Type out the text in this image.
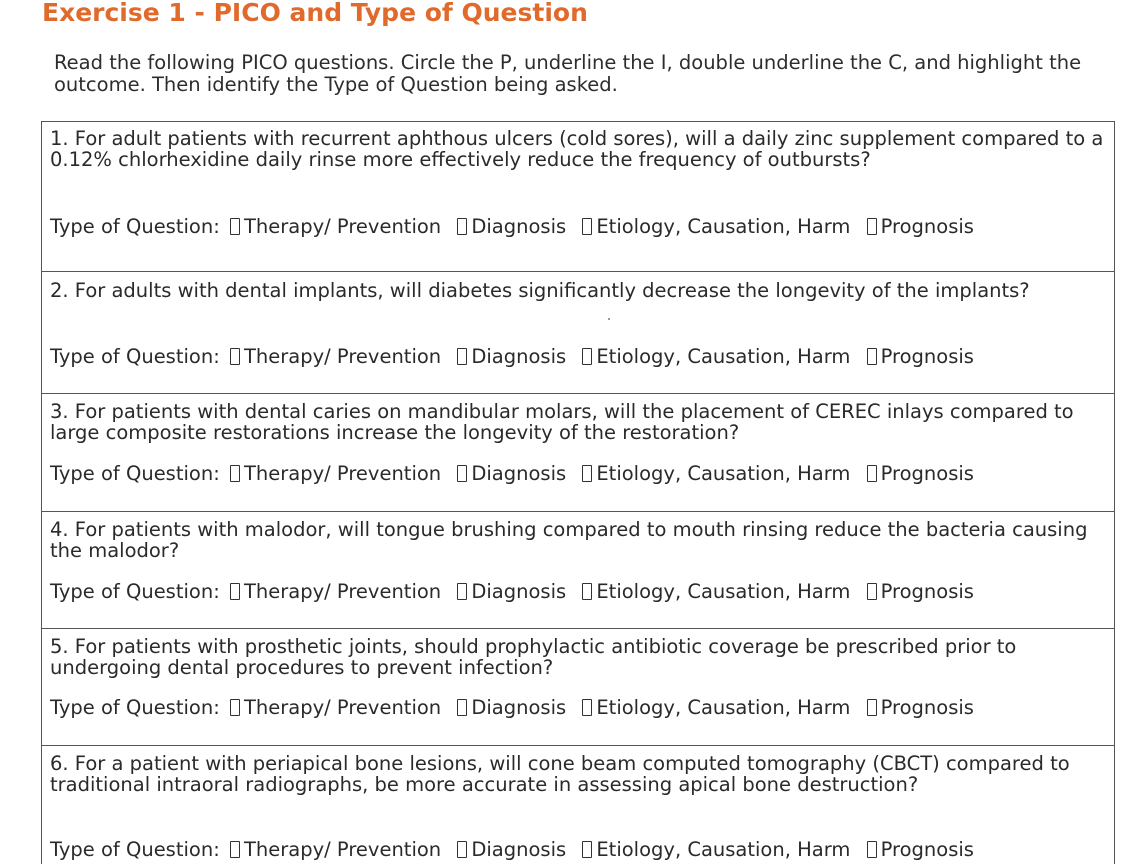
Exercise 1 - PICO and Type of Question
Read the following PICO questions. Circle the P, underline the I, double underline the C, and highlight the outcome. Then identify the Type of Question being asked.
1. For adult patients with recurrent aphthous ulcers (cold sores), will a daily zinc supplement compared to a 0.12% chlorhexidine daily rinse more effectively reduce the frequency of outbursts?
Type of Question: Therapy/ Prevention Diagnosis Etiology, Causation, Harm Prognosis
2. For adults with dental implants, will diabetes significantly decrease the longevity of the implants?
Type of Question: Therapy/ Prevention Diagnosis Etiology, Causation, Harm Prognosis
3. For patients with dental caries on mandibular molars, will the placement of CEREC inlays compared to large composite restorations increase the longevity of the restoration?
Type of Question: Therapy/ Prevention Diagnosis Etiology, Causation, Harm Prognosis
4. For patients with malodor, will tongue brushing compared to mouth rinsing reduce the bacteria causing the malodor?
Type of Question: Therapy/ Prevention Diagnosis Etiology, Causation, Harm Prognosis
5. For patients with prosthetic joints, should prophylactic antibiotic coverage be prescribed prior to undergoing dental procedures to prevent infection?
Type of Question: Therapy/ Prevention Diagnosis Etiology, Causation, Harm Prognosis
6. For a patient with periapical bone lesions, will cone beam computed tomography (CBCT) compared to traditional intraoral radiographs, be more accurate in assessing apical bone destruction?
Type of Question: Therapy/ Prevention Diagnosis Etiology, Causation, Harm Prognosis
